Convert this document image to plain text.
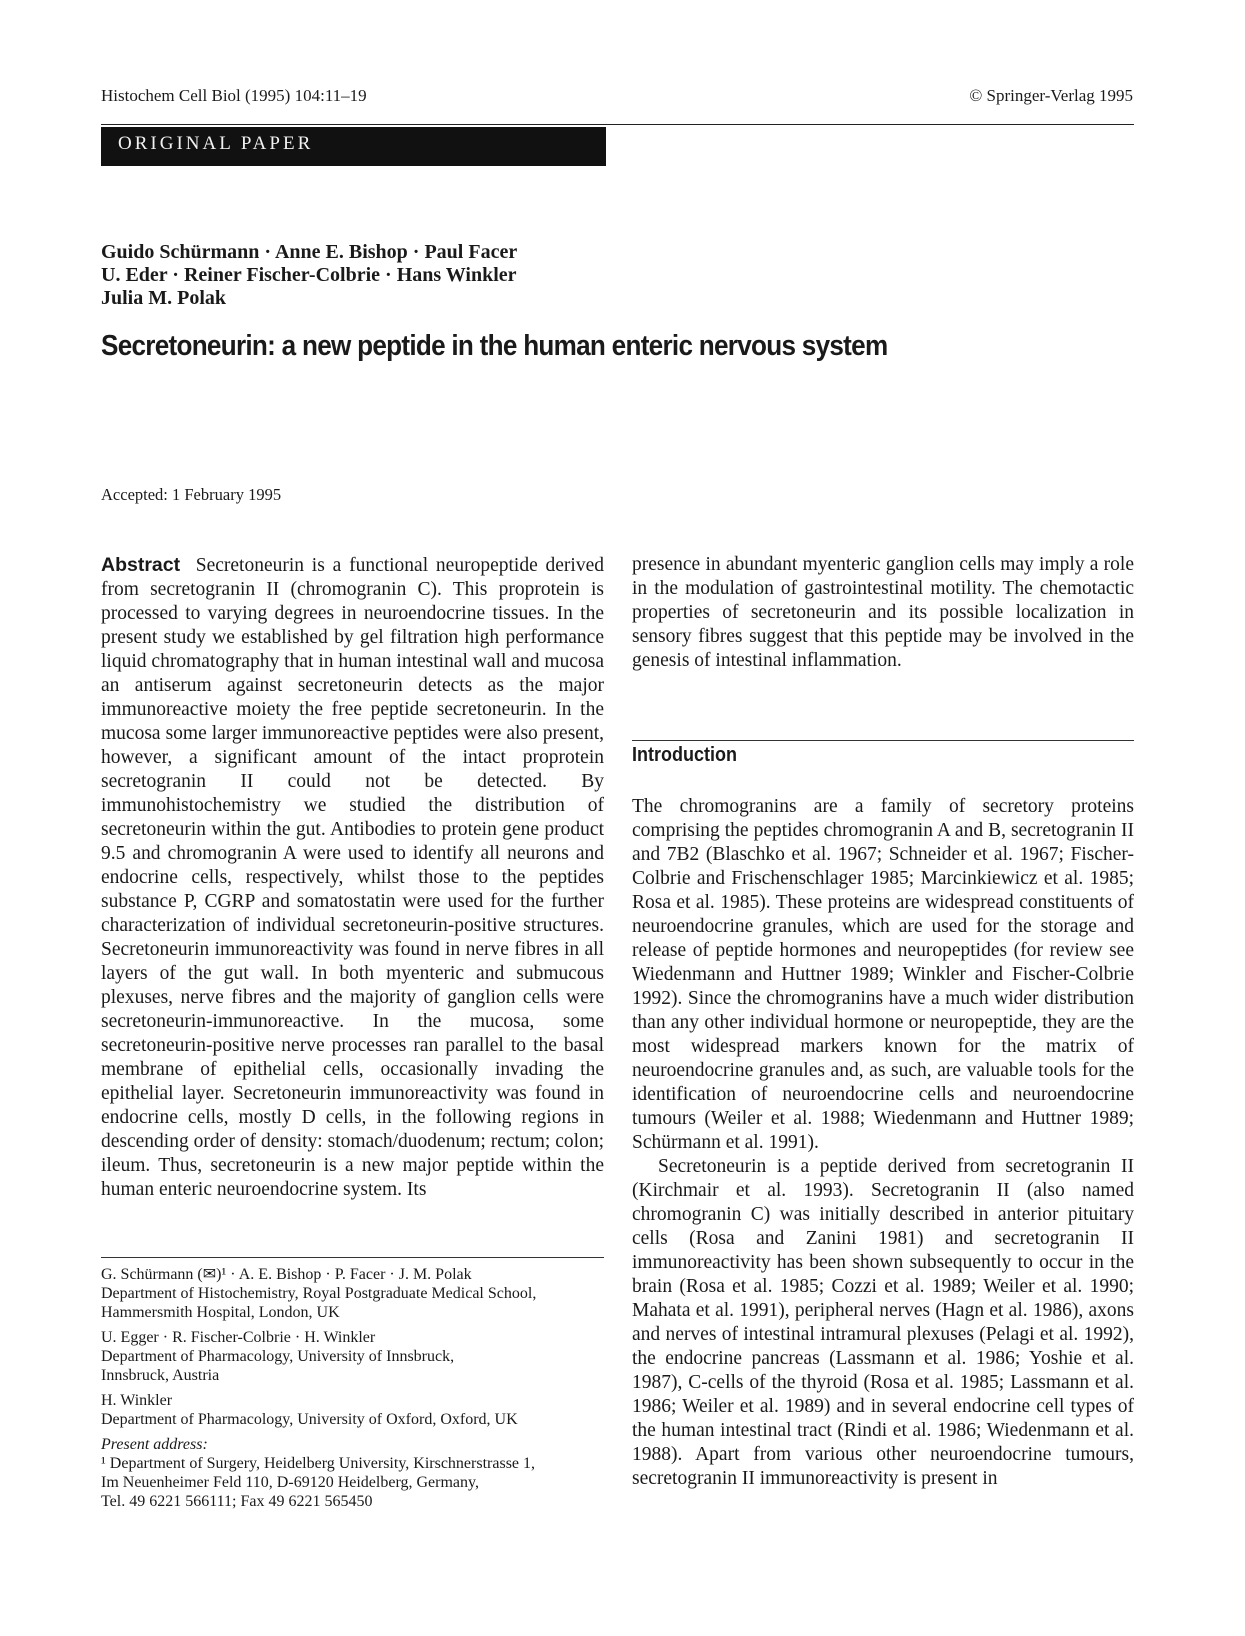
Histochem Cell Biol (1995) 104:11–19	© Springer-Verlag 1995
ORIGINAL PAPER
Guido Schürmann · Anne E. Bishop · Paul Facer
U. Eder · Reiner Fischer-Colbrie · Hans Winkler
Julia M. Polak
Secretoneurin: a new peptide in the human enteric nervous system
Accepted: 1 February 1995
Abstract Secretoneurin is a functional neuropeptide derived from secretogranin II (chromogranin C). This proprotein is processed to varying degrees in neuroendocrine tissues. In the present study we established by gel filtration high performance liquid chromatography that in human intestinal wall and mucosa an antiserum against secretoneurin detects as the major immunoreactive moiety the free peptide secretoneurin. In the mucosa some larger immunoreactive peptides were also present, however, a significant amount of the intact proprotein secretogranin II could not be detected. By immunohistochemistry we studied the distribution of secretoneurin within the gut. Antibodies to protein gene product 9.5 and chromogranin A were used to identify all neurons and endocrine cells, respectively, whilst those to the peptides substance P, CGRP and somatostatin were used for the further characterization of individual secretoneurin-positive structures. Secretoneurin immunoreactivity was found in nerve fibres in all layers of the gut wall. In both myenteric and submucous plexuses, nerve fibres and the majority of ganglion cells were secretoneurin-immunoreactive. In the mucosa, some secretoneurin-positive nerve processes ran parallel to the basal membrane of epithelial cells, occasionally invading the epithelial layer. Secretoneurin immunoreactivity was found in endocrine cells, mostly D cells, in the following regions in descending order of density: stomach/duodenum; rectum; colon; ileum. Thus, secretoneurin is a new major peptide within the human enteric neuroendocrine system. Its

G. Schürmann (✉)¹ · A. E. Bishop · P. Facer · J. M. Polak
Department of Histochemistry, Royal Postgraduate Medical School,
Hammersmith Hospital, London, UK

U. Egger · R. Fischer-Colbrie · H. Winkler
Department of Pharmacology, University of Innsbruck,
Innsbruck, Austria

H. Winkler
Department of Pharmacology, University of Oxford, Oxford, UK

Present address:
¹ Department of Surgery, Heidelberg University, Kirschnerstrasse 1,
Im Neuenheimer Feld 110, D-69120 Heidelberg, Germany,
Tel. 49 6221 566111; Fax 49 6221 565450

presence in abundant myenteric ganglion cells may imply a role in the modulation of gastrointestinal motility. The chemotactic properties of secretoneurin and its possible localization in sensory fibres suggest that this peptide may be involved in the genesis of intestinal inflammation.

Introduction

The chromogranins are a family of secretory proteins comprising the peptides chromogranin A and B, secretogranin II and 7B2 (Blaschko et al. 1967; Schneider et al. 1967; Fischer-Colbrie and Frischenschlager 1985; Marcinkiewicz et al. 1985; Rosa et al. 1985). These proteins are widespread constituents of neuroendocrine granules, which are used for the storage and release of peptide hormones and neuropeptides (for review see Wiedenmann and Huttner 1989; Winkler and Fischer-Colbrie 1992). Since the chromogranins have a much wider distribution than any other individual hormone or neuropeptide, they are the most widespread markers known for the matrix of neuroendocrine granules and, as such, are valuable tools for the identification of neuroendocrine cells and neuroendocrine tumours (Weiler et al. 1988; Wiedenmann and Huttner 1989; Schürmann et al. 1991).

Secretoneurin is a peptide derived from secretogranin II (Kirchmair et al. 1993). Secretogranin II (also named chromogranin C) was initially described in anterior pituitary cells (Rosa and Zanini 1981) and secretogranin II immunoreactivity has been shown subsequently to occur in the brain (Rosa et al. 1985; Cozzi et al. 1989; Weiler et al. 1990; Mahata et al. 1991), peripheral nerves (Hagn et al. 1986), axons and nerves of intestinal intramural plexuses (Pelagi et al. 1992), the endocrine pancreas (Lassmann et al. 1986; Yoshie et al. 1987), C-cells of the thyroid (Rosa et al. 1985; Lassmann et al. 1986; Weiler et al. 1989) and in several endocrine cell types of the human intestinal tract (Rindi et al. 1986; Wiedenmann et al. 1988). Apart from various other neuroendocrine tumours, secretogranin II immunoreactivity is present in
